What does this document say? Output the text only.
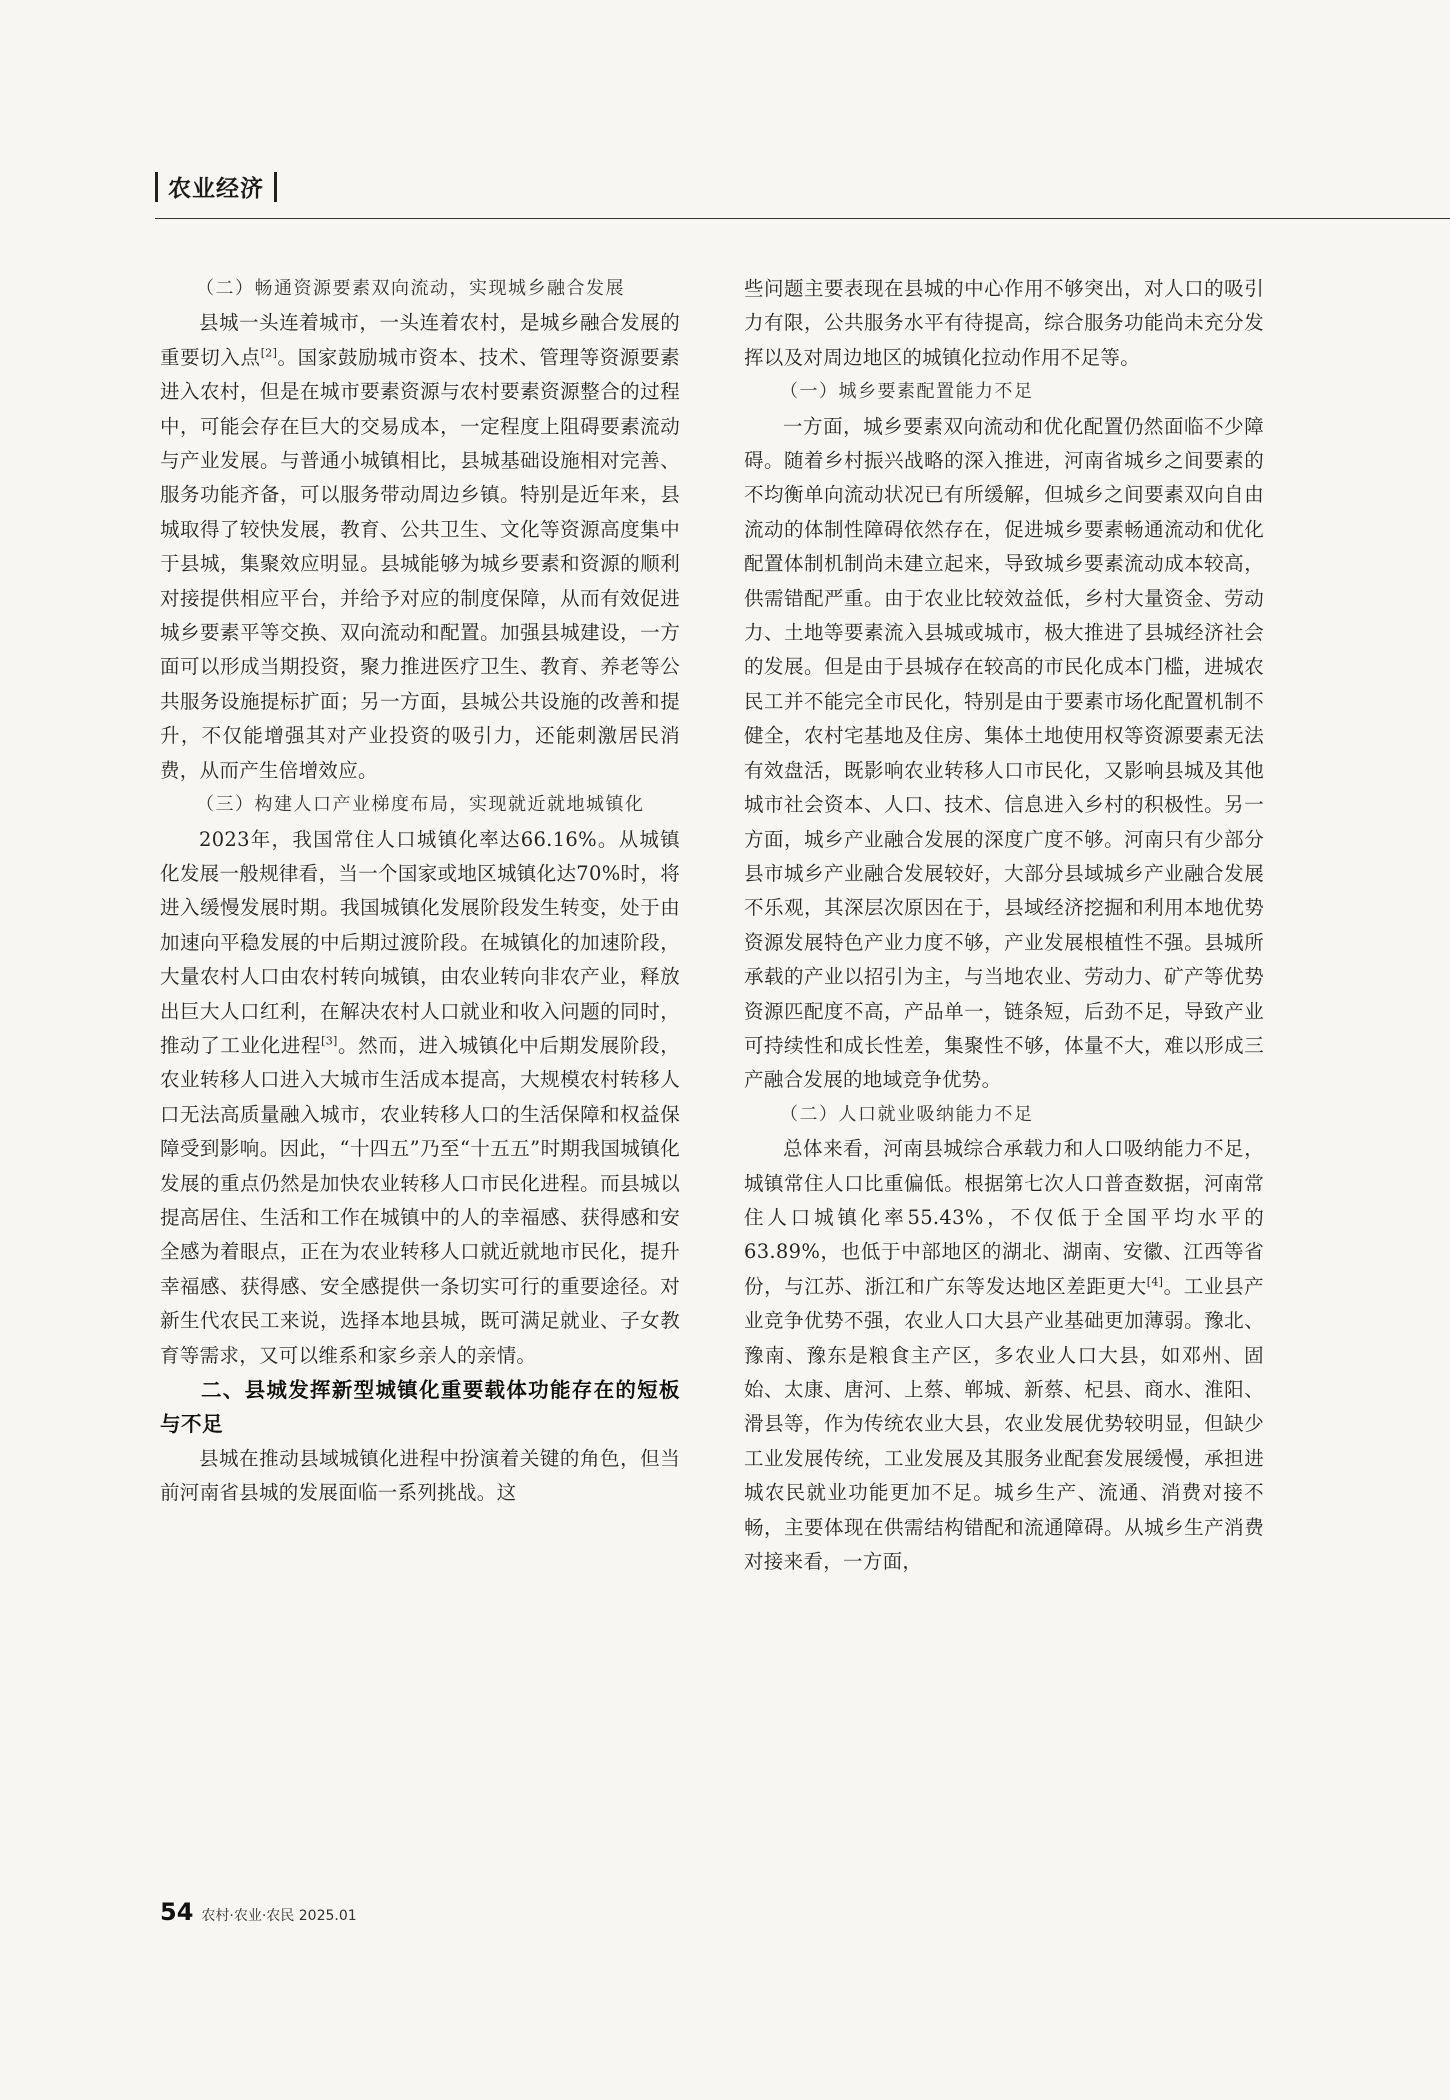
农业经济

（二）畅通资源要素双向流动，实现城乡融合发展

县城一头连着城市，一头连着农村，是城乡融合发展的重要切入点[2]。国家鼓励城市资本、技术、管理等资源要素进入农村，但是在城市要素资源与农村要素资源整合的过程中，可能会存在巨大的交易成本，一定程度上阻碍要素流动与产业发展。与普通小城镇相比，县城基础设施相对完善、服务功能齐备，可以服务带动周边乡镇。特别是近年来，县城取得了较快发展，教育、公共卫生、文化等资源高度集中于县城，集聚效应明显。县城能够为城乡要素和资源的顺利对接提供相应平台，并给予对应的制度保障，从而有效促进城乡要素平等交换、双向流动和配置。加强县城建设，一方面可以形成当期投资，聚力推进医疗卫生、教育、养老等公共服务设施提标扩面；另一方面，县城公共设施的改善和提升，不仅能增强其对产业投资的吸引力，还能刺激居民消费，从而产生倍增效应。

（三）构建人口产业梯度布局，实现就近就地城镇化

2023年，我国常住人口城镇化率达66.16%。从城镇化发展一般规律看，当一个国家或地区城镇化达70%时，将进入缓慢发展时期。我国城镇化发展阶段发生转变，处于由加速向平稳发展的中后期过渡阶段。在城镇化的加速阶段，大量农村人口由农村转向城镇，由农业转向非农产业，释放出巨大人口红利，在解决农村人口就业和收入问题的同时，推动了工业化进程[3]。然而，进入城镇化中后期发展阶段，农业转移人口进入大城市生活成本提高，大规模农村转移人口无法高质量融入城市，农业转移人口的生活保障和权益保障受到影响。因此，“十四五”乃至“十五五”时期我国城镇化发展的重点仍然是加快农业转移人口市民化进程。而县城以提高居住、生活和工作在城镇中的人的幸福感、获得感和安全感为着眼点，正在为农业转移人口就近就地市民化，提升幸福感、获得感、安全感提供一条切实可行的重要途径。对新生代农民工来说，选择本地县城，既可满足就业、子女教育等需求，又可以维系和家乡亲人的亲情。

二、县城发挥新型城镇化重要载体功能存在的短板与不足

县城在推动县域城镇化进程中扮演着关键的角色，但当前河南省县城的发展面临一系列挑战。这

些问题主要表现在县城的中心作用不够突出，对人口的吸引力有限，公共服务水平有待提高，综合服务功能尚未充分发挥以及对周边地区的城镇化拉动作用不足等。

（一）城乡要素配置能力不足

一方面，城乡要素双向流动和优化配置仍然面临不少障碍。随着乡村振兴战略的深入推进，河南省城乡之间要素的不均衡单向流动状况已有所缓解，但城乡之间要素双向自由流动的体制性障碍依然存在，促进城乡要素畅通流动和优化配置体制机制尚未建立起来，导致城乡要素流动成本较高，供需错配严重。由于农业比较效益低，乡村大量资金、劳动力、土地等要素流入县城或城市，极大推进了县城经济社会的发展。但是由于县城存在较高的市民化成本门槛，进城农民工并不能完全市民化，特别是由于要素市场化配置机制不健全，农村宅基地及住房、集体土地使用权等资源要素无法有效盘活，既影响农业转移人口市民化，又影响县城及其他城市社会资本、人口、技术、信息进入乡村的积极性。另一方面，城乡产业融合发展的深度广度不够。河南只有少部分县市城乡产业融合发展较好，大部分县域城乡产业融合发展不乐观，其深层次原因在于，县域经济挖掘和利用本地优势资源发展特色产业力度不够，产业发展根植性不强。县城所承载的产业以招引为主，与当地农业、劳动力、矿产等优势资源匹配度不高，产品单一，链条短，后劲不足，导致产业可持续性和成长性差，集聚性不够，体量不大，难以形成三产融合发展的地域竞争优势。

（二）人口就业吸纳能力不足

总体来看，河南县城综合承载力和人口吸纳能力不足，城镇常住人口比重偏低。根据第七次人口普查数据，河南常住人口城镇化率55.43%，不仅低于全国平均水平的63.89%，也低于中部地区的湖北、湖南、安徽、江西等省份，与江苏、浙江和广东等发达地区差距更大[4]。工业县产业竞争优势不强，农业人口大县产业基础更加薄弱。豫北、豫南、豫东是粮食主产区，多农业人口大县，如邓州、固始、太康、唐河、上蔡、郸城、新蔡、杞县、商水、淮阳、滑县等，作为传统农业大县，农业发展优势较明显，但缺少工业发展传统，工业发展及其服务业配套发展缓慢，承担进城农民就业功能更加不足。城乡生产、流通、消费对接不畅，主要体现在供需结构错配和流通障碍。从城乡生产消费对接来看，一方面，

54 农村·农业·农民 2025.01
